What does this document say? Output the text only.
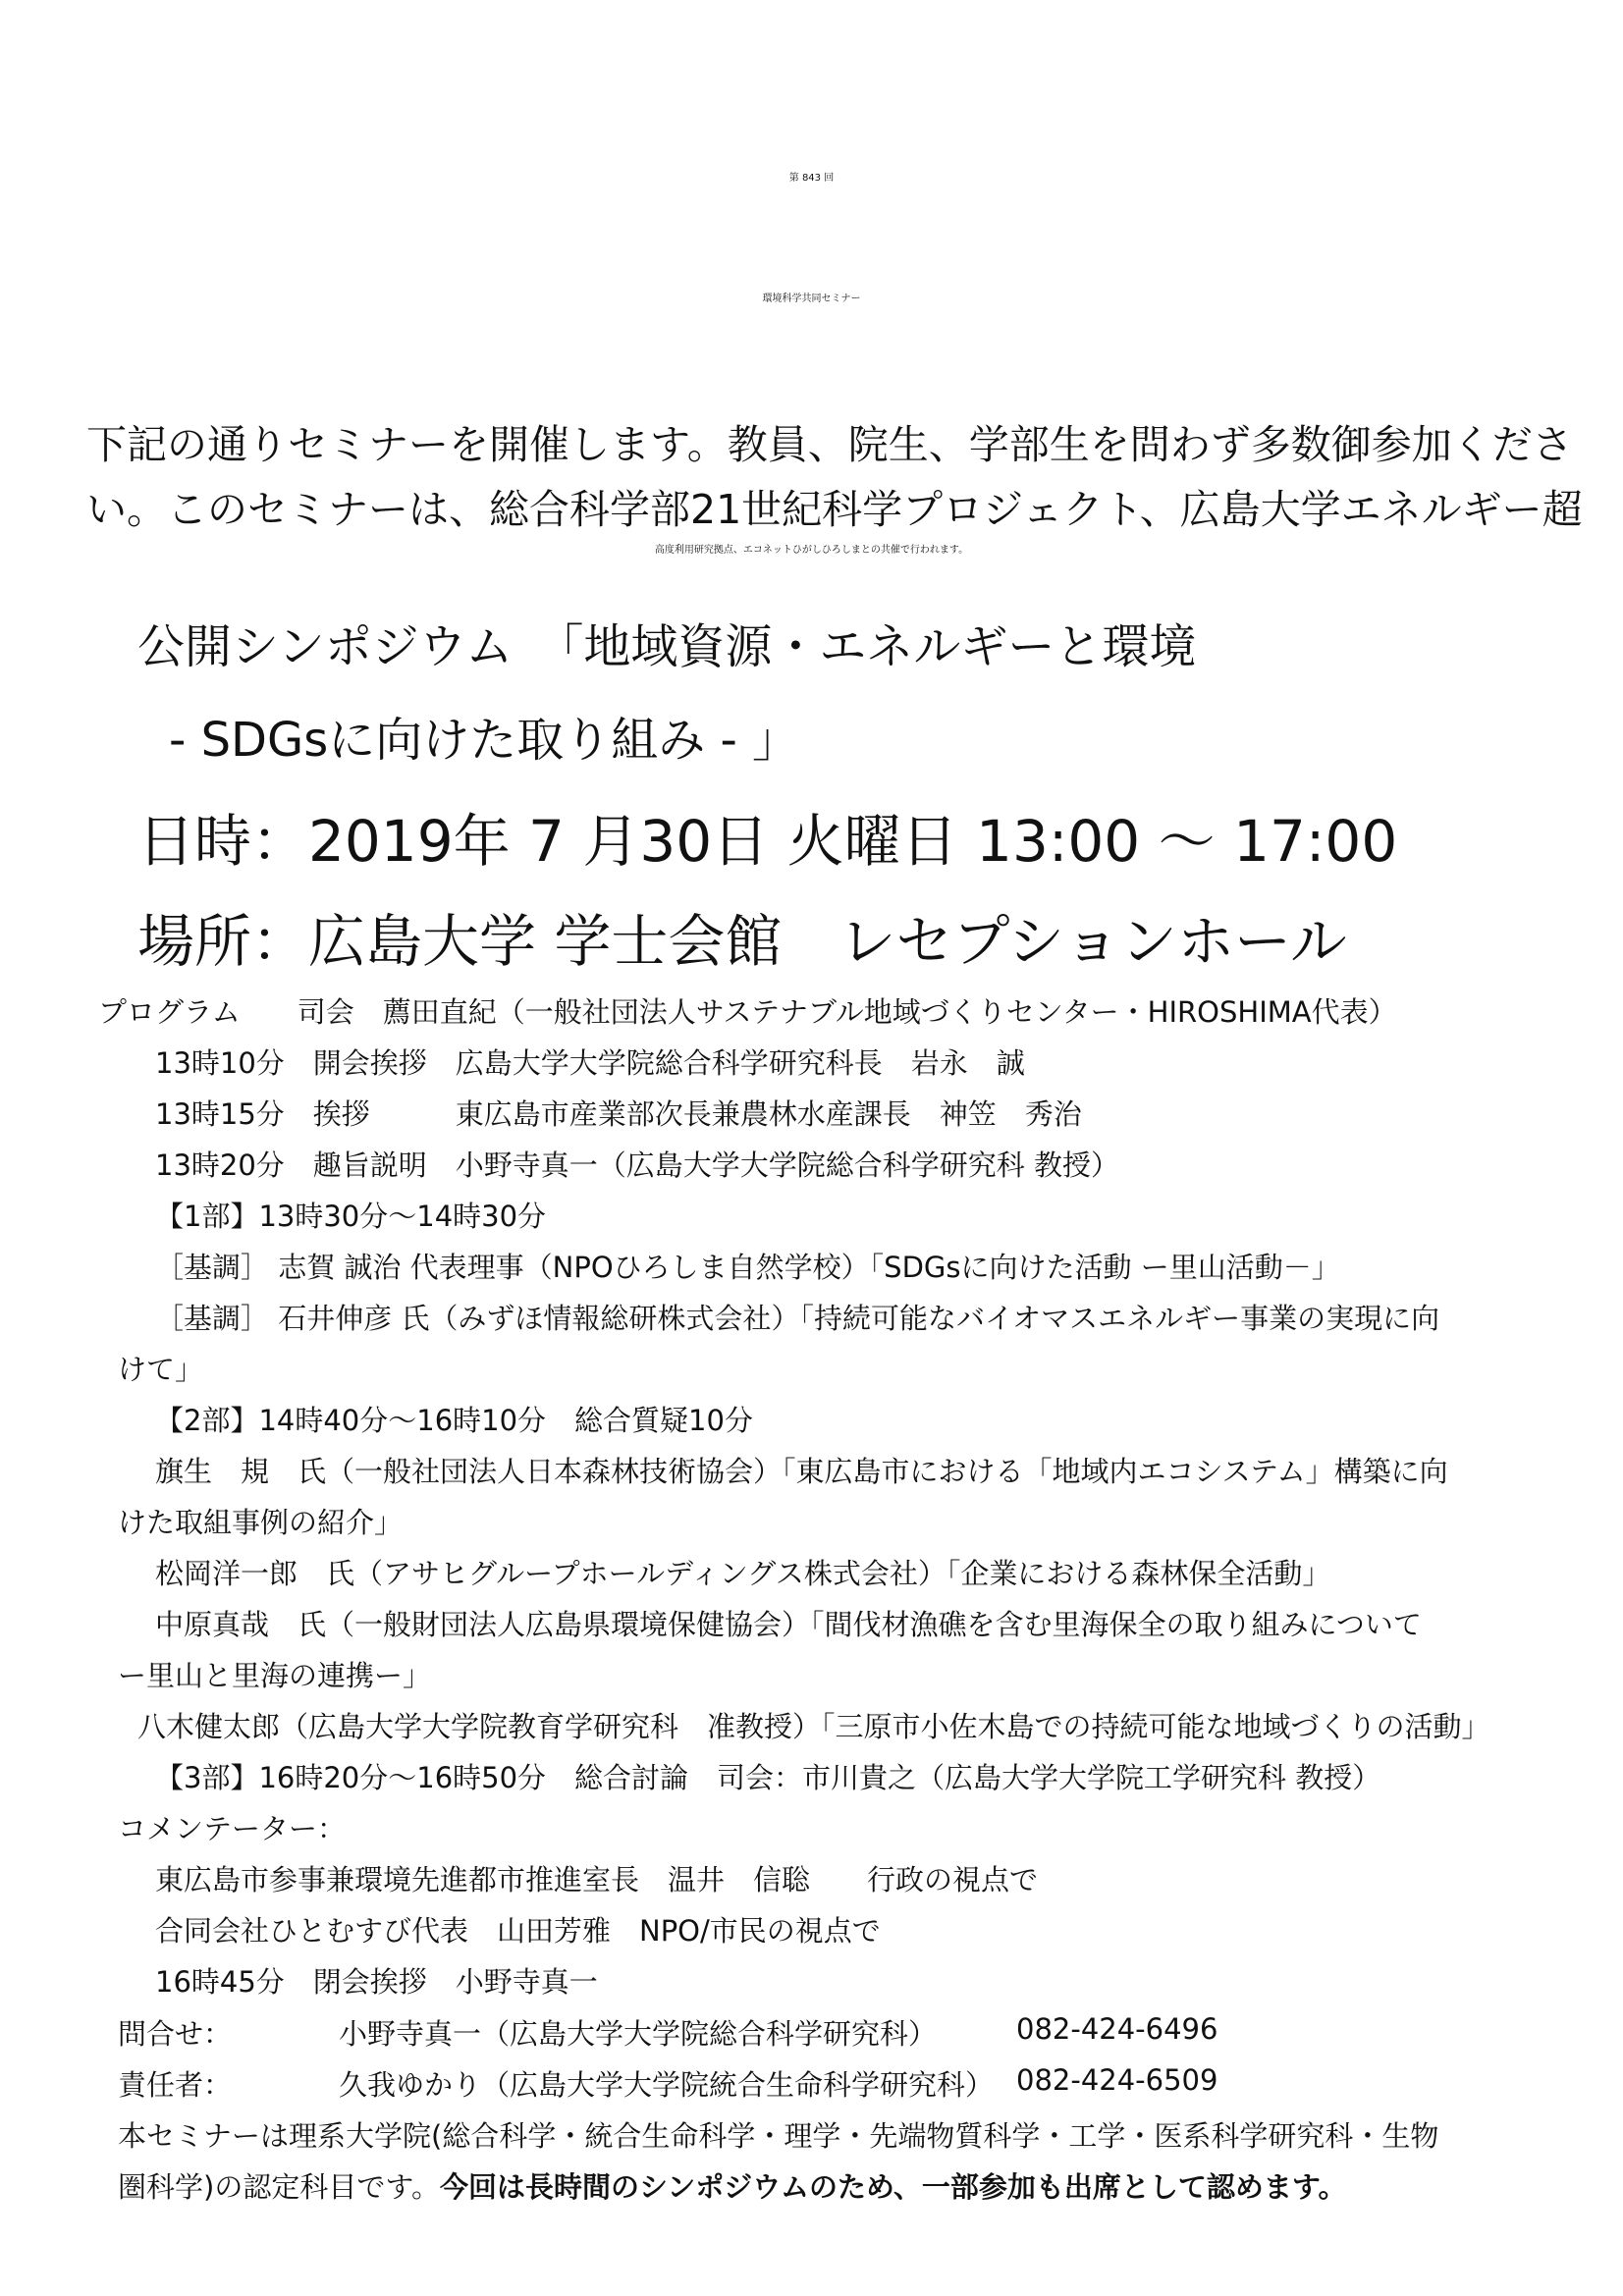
第 843 回
環境科学共同セミナー
下記の通りセミナーを開催します。教員、院生、学部生を問わず多数御参加くださ
い。このセミナーは、総合科学部21世紀科学プロジェクト、広島大学エネルギー超
高度利用研究拠点、エコネットひがしひろしまとの共催で行われます。
公開シンポジウム　「地域資源・エネルギーと環境
- SDGsに向けた取り組み - 」
日時：2019年 7 月30日 火曜日 13:00 ～ 17:00
場所：広島大学 学士会館　レセプションホール
プログラム　　司会　薦田直紀（一般社団法人サステナブル地域づくりセンター・HIROSHIMA代表）
13時10分　開会挨拶　広島大学大学院総合科学研究科長　岩永　誠
13時15分　挨拶　　　東広島市産業部次長兼農林水産課長　神笠　秀治
13時20分　趣旨説明　小野寺真一（広島大学大学院総合科学研究科 教授）
【1部】13時30分～14時30分
［基調］ 志賀 誠治 代表理事（NPOひろしま自然学校）「SDGsに向けた活動 ー里山活動－」
［基調］ 石井伸彦 氏（みずほ情報総研株式会社）「持続可能なバイオマスエネルギー事業の実現に向
けて」
【2部】14時40分～16時10分　総合質疑10分
旗生　規　氏（一般社団法人日本森林技術協会）「東広島市における「地域内エコシステム」構築に向
けた取組事例の紹介」
松岡洋一郎　氏（アサヒグループホールディングス株式会社）「企業における森林保全活動」
中原真哉　氏（一般財団法人広島県環境保健協会）「間伐材漁礁を含む里海保全の取り組みについて
ー里山と里海の連携ー」
八木健太郎（広島大学大学院教育学研究科　准教授）「三原市小佐木島での持続可能な地域づくりの活動」
【3部】16時20分～16時50分　総合討論　司会：市川貴之（広島大学大学院工学研究科 教授）
コメンテーター：
東広島市参事兼環境先進都市推進室長　温井　信聡　　行政の視点で
合同会社ひとむすび代表　山田芳雅　NPO/市民の視点で
16時45分　閉会挨拶　小野寺真一
問合せ：	小野寺真一（広島大学大学院総合科学研究科）	082-424-6496
責任者：	久我ゆかり（広島大学大学院統合生命科学研究科） 082-424-6509
本セミナーは理系大学院(総合科学・統合生命科学・理学・先端物質科学・工学・医系科学研究科・生物
圏科学)の認定科目です。今回は長時間のシンポジウムのため、一部参加も出席として認めます。
